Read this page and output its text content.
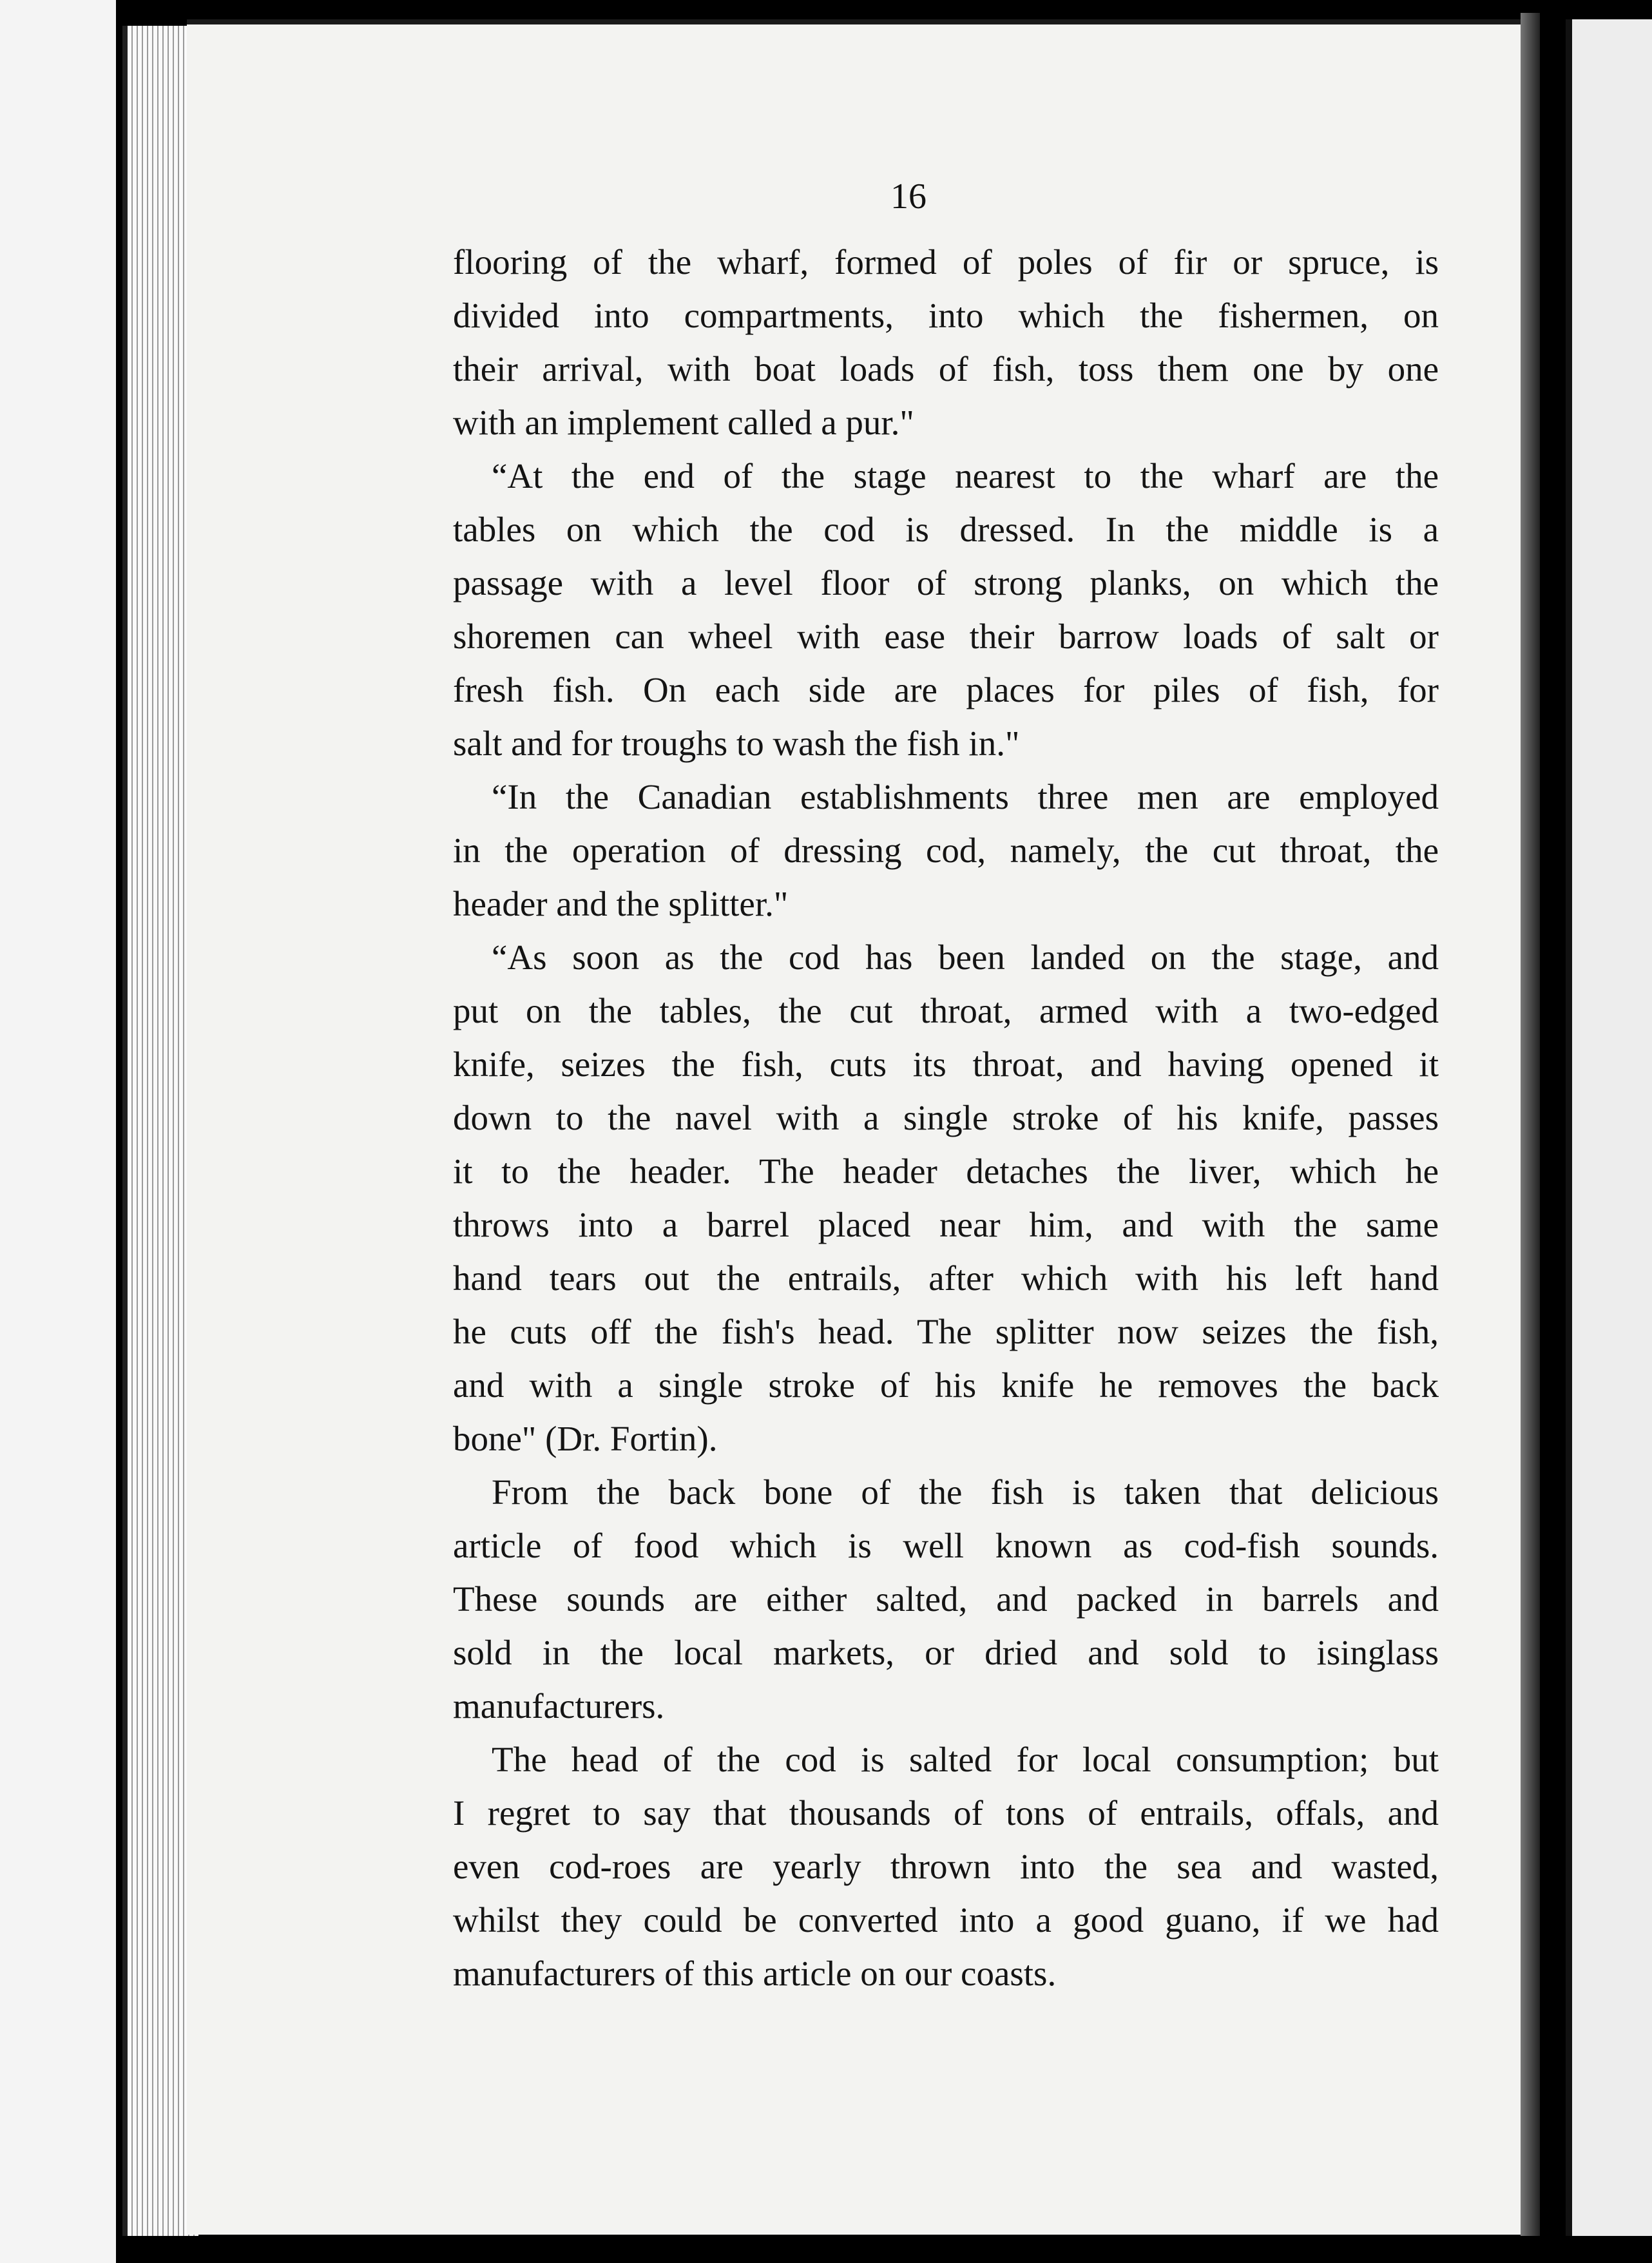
16

flooring of the wharf, formed of poles of fir or spruce, is

divided into compartments, into which the fishermen, on

their arrival, with boat loads of fish, toss them one by one

with an implement called a pur."

“At the end of the stage nearest to the wharf are the

tables on which the cod is dressed. In the middle is a

passage with a level floor of strong planks, on which the

shoremen can wheel with ease their barrow loads of salt or

fresh fish. On each side are places for piles of fish, for

salt and for troughs to wash the fish in."

“In the Canadian establishments three men are employed

in the operation of dressing cod, namely, the cut throat, the

header and the splitter."

“As soon as the cod has been landed on the stage, and

put on the tables, the cut throat, armed with a two-edged

knife, seizes the fish, cuts its throat, and having opened it

down to the navel with a single stroke of his knife, passes

it to the header. The header detaches the liver, which he

throws into a barrel placed near him, and with the same

hand tears out the entrails, after which with his left hand

he cuts off the fish's head. The splitter now seizes the fish,

and with a single stroke of his knife he removes the back

bone" (Dr. Fortin).

From the back bone of the fish is taken that delicious

article of food which is well known as cod-fish sounds.

These sounds are either salted, and packed in barrels and

sold in the local markets, or dried and sold to isinglass

manufacturers.

The head of the cod is salted for local consumption; but

I regret to say that thousands of tons of entrails, offals, and

even cod-roes are yearly thrown into the sea and wasted,

whilst they could be converted into a good guano, if we had

manufacturers of this article on our coasts.
